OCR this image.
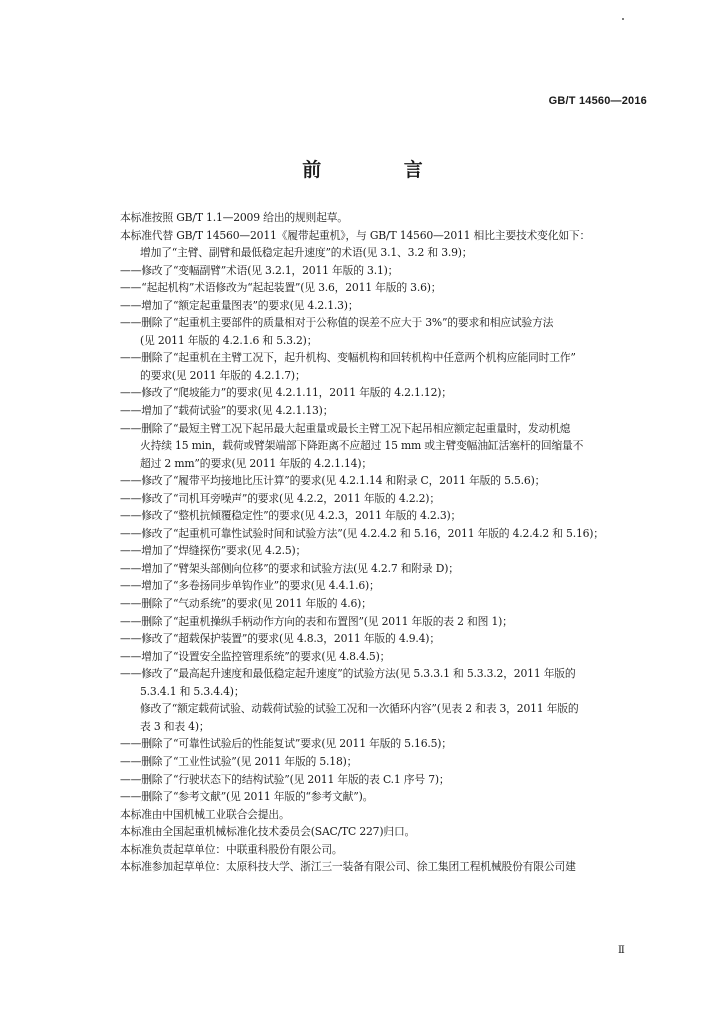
GB/T 14560—2016
前 言
本标准按照 GB/T 1.1—2009 给出的规则起草。
本标准代替 GB/T 14560—2011《履带起重机》，与 GB/T 14560—2011 相比主要技术变化如下：
增加了“主臂、副臂和最低稳定起升速度”的术语(见 3.1、3.2 和 3.9)；
——修改了“变幅副臂”术语(见 3.2.1，2011 年版的 3.1)；
——“起起机构”术语修改为“起起装置”(见 3.6，2011 年版的 3.6)；
——增加了“额定起重量图表”的要求(见 4.2.1.3)；
——删除了“起重机主要部件的质量相对于公称值的误差不应大于 3%”的要求和相应试验方法
(见 2011 年版的 4.2.1.6 和 5.3.2)；
——删除了“起重机在主臂工况下，起升机构、变幅机构和回转机构中任意两个机构应能同时工作”
的要求(见 2011 年版的 4.2.1.7)；
——修改了“爬坡能力”的要求(见 4.2.1.11，2011 年版的 4.2.1.12)；
——增加了“载荷试验”的要求(见 4.2.1.13)；
——删除了“最短主臂工况下起吊最大起重量或最长主臂工况下起吊相应额定起重量时，发动机熄
火持续 15 min，载荷或臂架端部下降距离不应超过 15 mm 或主臂变幅油缸活塞杆的回缩量不
超过 2 mm”的要求(见 2011 年版的 4.2.1.14)；
——修改了“履带平均接地比压计算”的要求(见 4.2.1.14 和附录 C，2011 年版的 5.5.6)；
——修改了“司机耳旁噪声”的要求(见 4.2.2，2011 年版的 4.2.2)；
——修改了“整机抗倾覆稳定性”的要求(见 4.2.3，2011 年版的 4.2.3)；
——修改了“起重机可靠性试验时间和试验方法”(见 4.2.4.2 和 5.16，2011 年版的 4.2.4.2 和 5.16)；
——增加了“焊缝探伤”要求(见 4.2.5)；
——增加了“臂架头部侧向位移”的要求和试验方法(见 4.2.7 和附录 D)；
——增加了“多卷扬同步单钩作业”的要求(见 4.4.1.6)；
——删除了“气动系统”的要求(见 2011 年版的 4.6)；
——删除了“起重机操纵手柄动作方向的表和布置图”(见 2011 年版的表 2 和图 1)；
——修改了“超载保护装置”的要求(见 4.8.3，2011 年版的 4.9.4)；
——增加了“设置安全监控管理系统”的要求(见 4.8.4.5)；
——修改了“最高起升速度和最低稳定起升速度”的试验方法(见 5.3.3.1 和 5.3.3.2，2011 年版的
5.3.4.1 和 5.3.4.4)；
修改了“额定载荷试验、动载荷试验的试验工况和一次循环内容”(见表 2 和表 3，2011 年版的
表 3 和表 4)；
——删除了“可靠性试验后的性能复试”要求(见 2011 年版的 5.16.5)；
——删除了“工业性试验”(见 2011 年版的 5.18)；
——删除了“行驶状态下的结构试验”(见 2011 年版的表 C.1 序号 7)；
——删除了“参考文献”(见 2011 年版的“参考文献”)。
本标准由中国机械工业联合会提出。
本标准由全国起重机械标准化技术委员会(SAC/TC 227)归口。
本标准负责起草单位：中联重科股份有限公司。
本标准参加起草单位：太原科技大学、浙江三一装备有限公司、徐工集团工程机械股份有限公司建
Ⅱ
